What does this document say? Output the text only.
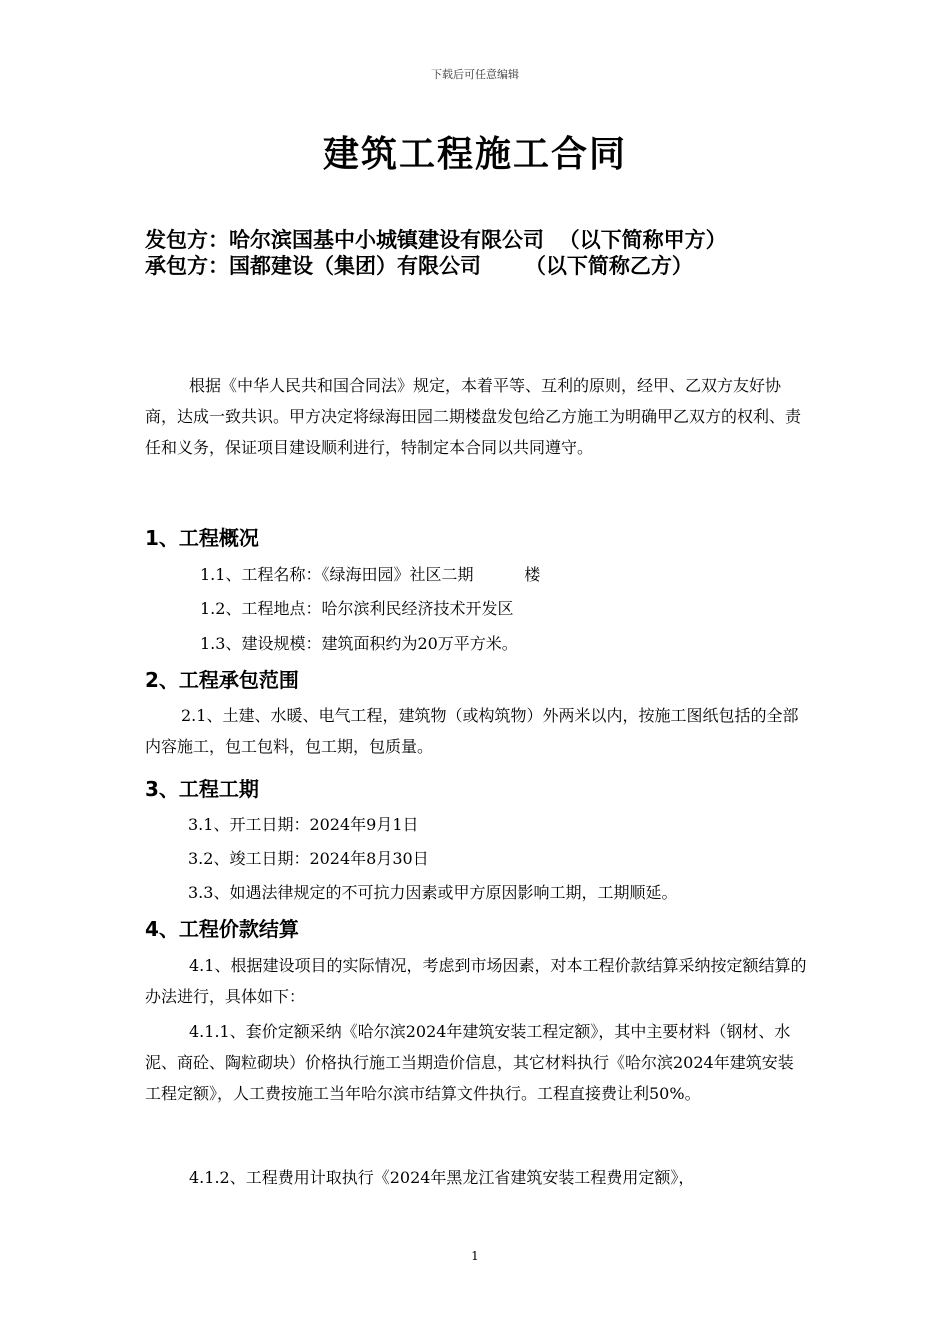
下载后可任意编辑
建筑工程施工合同
发包方：哈尔滨国基中小城镇建设有限公司  （以下简称甲方）
承包方：国都建设（集团）有限公司      （以下简称乙方）
根据《中华人民共和国合同法》规定，本着平等、互利的原则，经甲、乙双方友好协商，达成一致共识。甲方决定将绿海田园二期楼盘发包给乙方施工为明确甲乙双方的权利、责任和义务，保证项目建设顺利进行，特制定本合同以共同遵守。
1、工程概况
1.1、工程名称：《绿海田园》社区二期          楼
1.2、工程地点：哈尔滨利民经济技术开发区
1.3、建设规模：建筑面积约为20万平方米。
2、工程承包范围
2.1、土建、水暖、电气工程，建筑物（或构筑物）外两米以内，按施工图纸包括的全部内容施工，包工包料，包工期，包质量。
3、工程工期
3.1、开工日期：2024年9月1日
3.2、竣工日期：2024年8月30日
3.3、如遇法律规定的不可抗力因素或甲方原因影响工期，工期顺延。
4、工程价款结算
4.1、根据建设项目的实际情况，考虑到市场因素，对本工程价款结算采纳按定额结算的办法进行，具体如下：
4.1.1、套价定额采纳《哈尔滨2024年建筑安装工程定额》，其中主要材料（钢材、水泥、商砼、陶粒砌块）价格执行施工当期造价信息，其它材料执行《哈尔滨2024年建筑安装工程定额》，人工费按施工当年哈尔滨市结算文件执行。工程直接费让利50%。
4.1.2、工程费用计取执行《2024年黑龙江省建筑安装工程费用定额》，
1
